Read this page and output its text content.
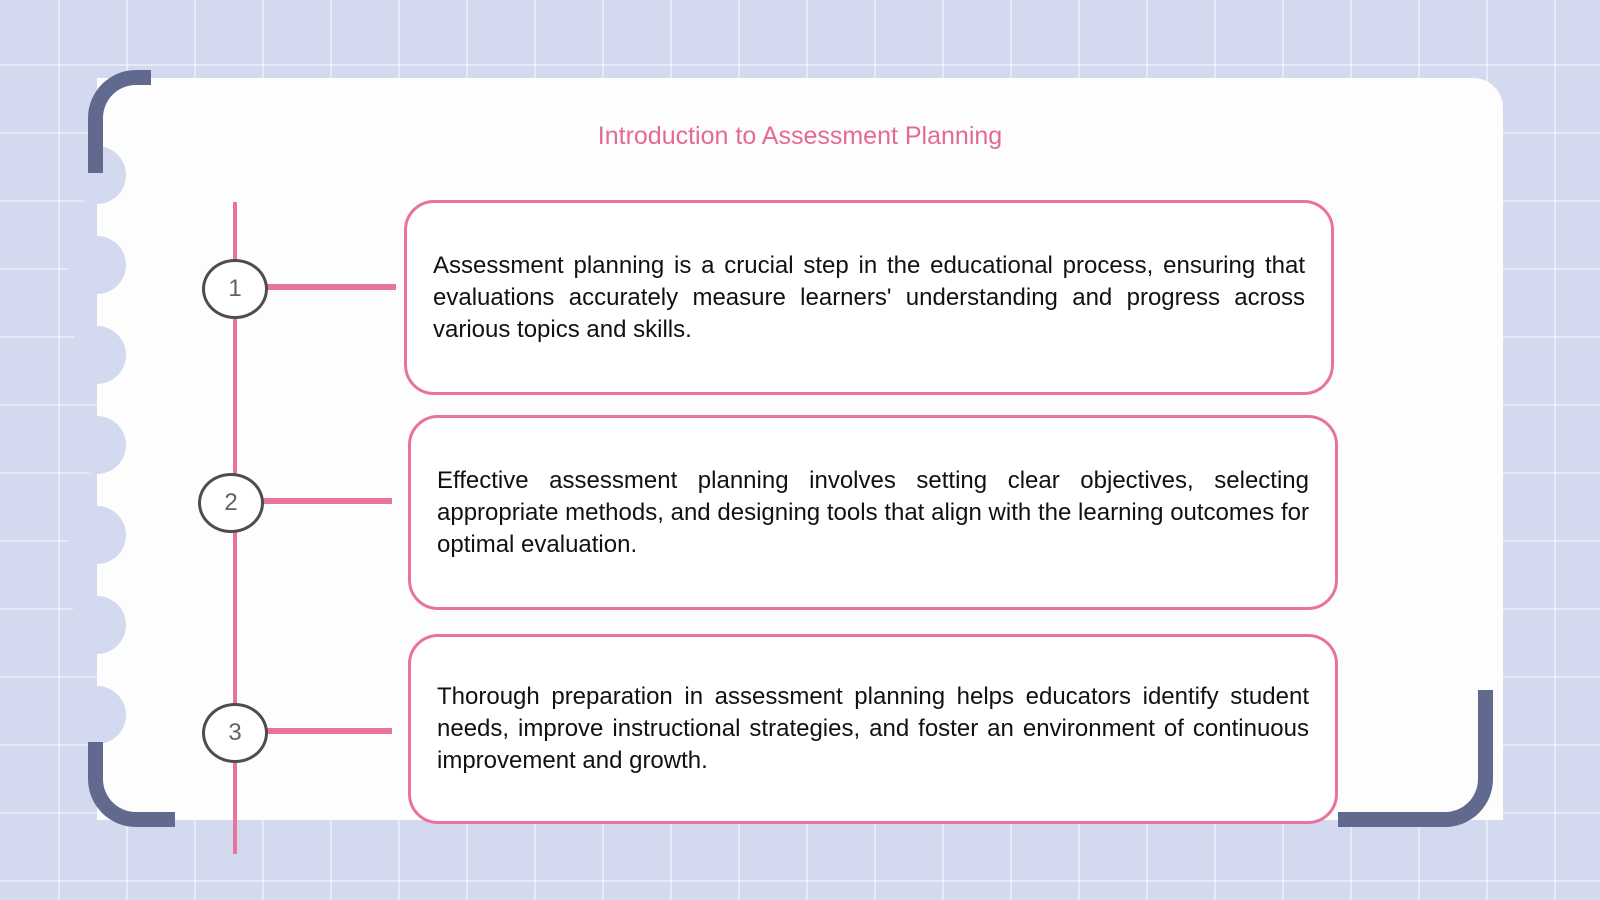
Introduction to Assessment Planning
1

Assessment planning is a crucial step in the educational process, ensuring that evaluations accurately measure learners' understanding and progress across various topics and skills.

2

Effective assessment planning involves setting clear objectives, selecting appropriate methods, and designing tools that align with the learning outcomes for optimal evaluation.

3

Thorough preparation in assessment planning helps educators identify student needs, improve instructional strategies, and foster an environment of continuous improvement and growth.
